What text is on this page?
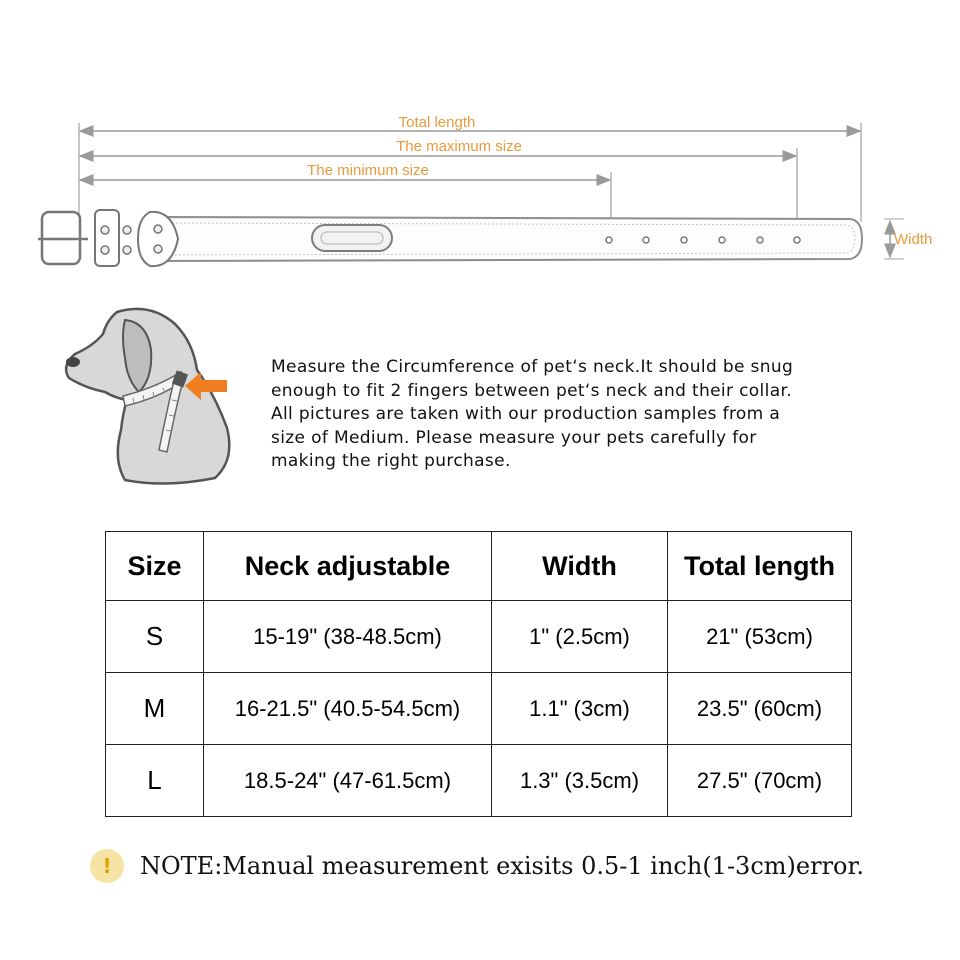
Total length
The maximum size
The minimum size
Width

Measure the Circumference of pet‘s neck.It should be snug
enough to fit 2 fingers between pet‘s neck and their collar.
All pictures are taken with our production samples from a
size of Medium. Please measure your pets carefully for
making the right purchase.

Size	Neck adjustable	Width	Total length
S	15-19" (38-48.5cm)	1" (2.5cm)	21" (53cm)
M	16-21.5" (40.5-54.5cm)	1.1" (3cm)	23.5" (60cm)
L	18.5-24" (47-61.5cm)	1.3" (3.5cm)	27.5" (70cm)
!	NOTE:Manual measurement exisits 0.5-1 inch(1-3cm)error.
